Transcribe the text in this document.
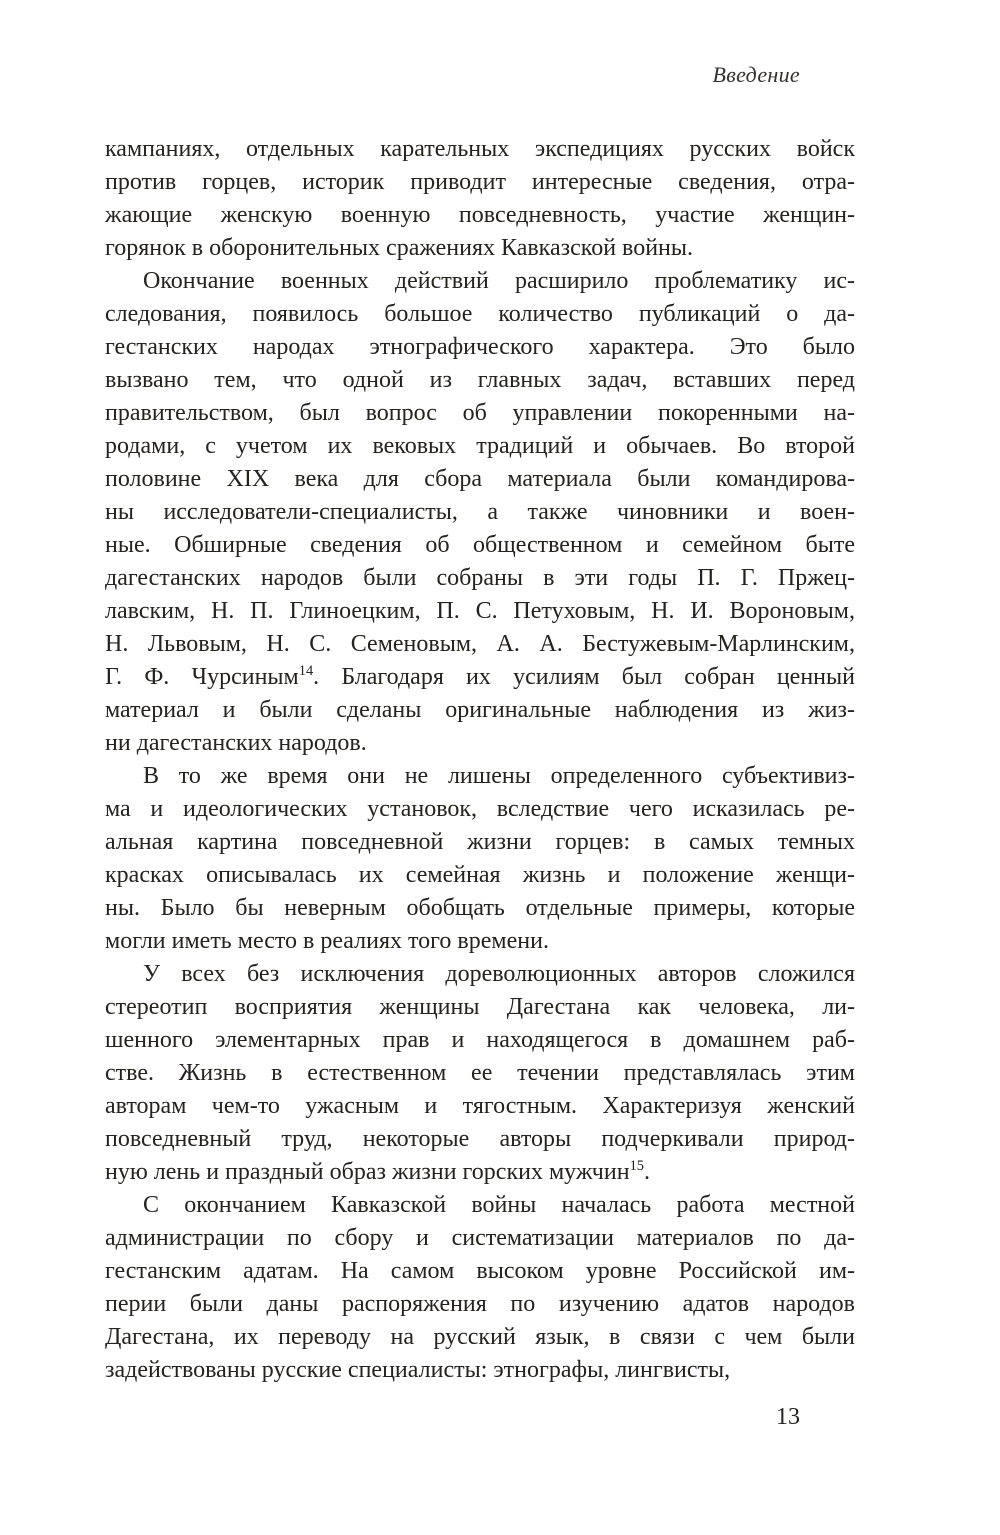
Введение
кампаниях, отдельных карательных экспедициях русских войск
против горцев, историк приводит интересные сведения, отра-
жающие женскую военную повседневность, участие женщин-
горянок в оборонительных сражениях Кавказской войны.
Окончание военных действий расширило проблематику ис-
следования, появилось большое количество публикаций о да-
гестанских народах этнографического характера. Это было
вызвано тем, что одной из главных задач, вставших перед
правительством, был вопрос об управлении покоренными на-
родами, с учетом их вековых традиций и обычаев. Во второй
половине XIX века для сбора материала были командирова-
ны исследователи-специалисты, а также чиновники и воен-
ные. Обширные сведения об общественном и семейном быте
дагестанских народов были собраны в эти годы П. Г. Пржец-
лавским, Н. П. Глиноецким, П. С. Петуховым, Н. И. Вороновым,
Н. Львовым, Н. С. Семеновым, А. А. Бестужевым-Марлинским,
Г. Ф. Чурсиным$^{14}$. Благодаря их усилиям был собран ценный
материал и были сделаны оригинальные наблюдения из жиз-
ни дагестанских народов.
В то же время они не лишены определенного субъективиз-
ма и идеологических установок, вследствие чего исказилась ре-
альная картина повседневной жизни горцев: в самых темных
красках описывалась их семейная жизнь и положение женщи-
ны. Было бы неверным обобщать отдельные примеры, которые
могли иметь место в реалиях того времени.
У всех без исключения дореволюционных авторов сложился
стереотип восприятия женщины Дагестана как человека, ли-
шенного элементарных прав и находящегося в домашнем раб-
стве. Жизнь в естественном ее течении представлялась этим
авторам чем-то ужасным и тягостным. Характеризуя женский
повседневный труд, некоторые авторы подчеркивали природ-
ную лень и праздный образ жизни горских мужчин$^{15}$.
С окончанием Кавказской войны началась работа местной
администрации по сбору и систематизации материалов по да-
гестанским адатам. На самом высоком уровне Российской им-
перии были даны распоряжения по изучению адатов народов
Дагестана, их переводу на русский язык, в связи с чем были
задействованы русские специалисты: этнографы, лингвисты,
13
